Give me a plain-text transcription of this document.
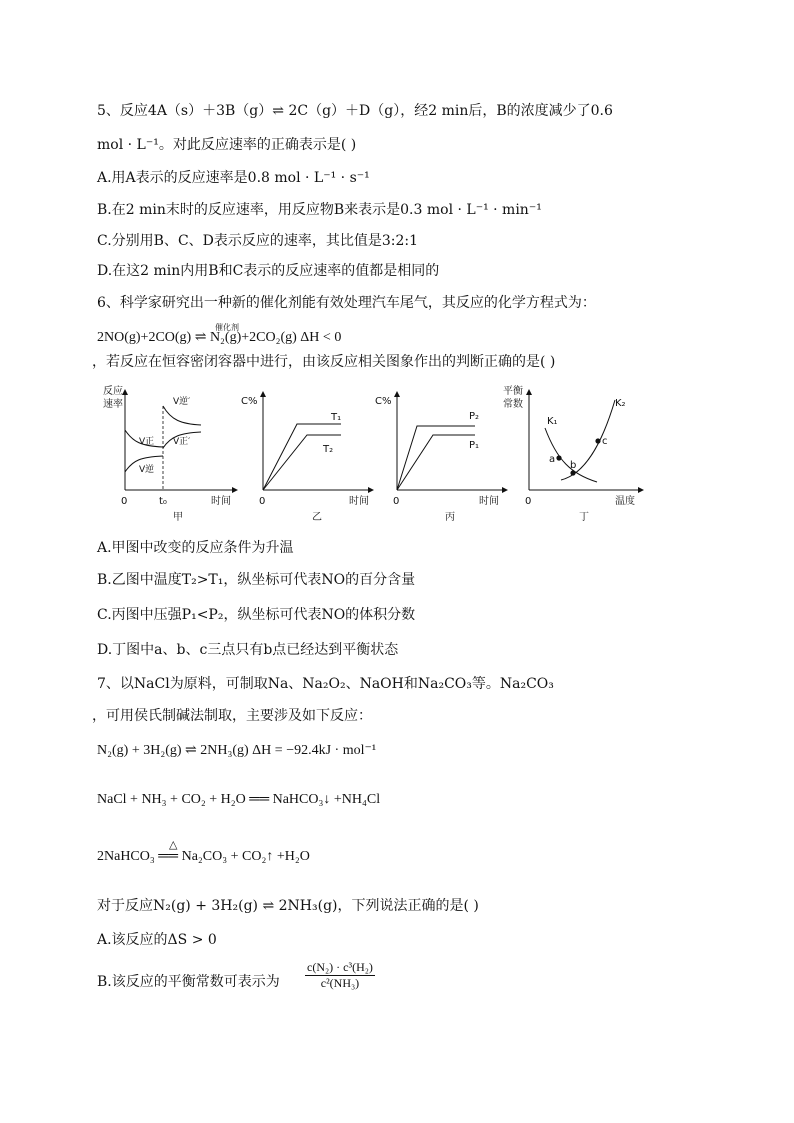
5、反应4A（s）＋3B（g）⇌ 2C（g）＋D（g），经2 min后，B的浓度减少了0.6
mol · L⁻¹。对此反应速率的正确表示是( )
A.用A表示的反应速率是0.8 mol · L⁻¹ · s⁻¹
B.在2 min末时的反应速率，用反应物B来表示是0.3 mol · L⁻¹ · min⁻¹
C.分别用B、C、D表示反应的速率，其比值是3:2:1
D.在这2 min内用B和C表示的反应速率的值都是相同的
6、科学家研究出一种新的催化剂能有效处理汽车尾气，其反应的化学方程式为：
2NO(g)+2CO(g) ⇌ N₂(g)+2CO₂(g) ΔH < 0
催化剂
，若反应在恒容密闭容器中进行，由该反应相关图象作出的判断正确的是( )
反应
速率
0	t₀	时间
甲
V逆′
V正′
V正
V逆
C%
0	时间
乙
T₁
T₂
C%
0	时间
丙
P₂
P₁
平衡
常数
0	温度
丁
K₁
K₂
a
b
c
A.甲图中改变的反应条件为升温
B.乙图中温度T₂>T₁，纵坐标可代表NO的百分含量
C.丙图中压强P₁<P₂，纵坐标可代表NO的体积分数
D.丁图中a、b、c三点只有b点已经达到平衡状态
7、以NaCl为原料，可制取Na、Na₂O₂、NaOH和Na₂CO₃等。Na₂CO₃
，可用侯氏制碱法制取，主要涉及如下反应：
N₂(g) + 3H₂(g) ⇌ 2NH₃(g) ΔH = −92.4kJ · mol⁻¹
NaCl + NH₃ + CO₂ + H₂O ══ NaHCO₃↓ +NH₄Cl
2NaHCO₃ ══ Na₂CO₃ + CO₂↑ +H₂O
△
对于反应N₂(g) + 3H₂(g) ⇌ 2NH₃(g)，下列说法正确的是( )
A.该反应的ΔS > 0
B.该反应的平衡常数可表示为 $\frac{\text{c(N₂) · c³(H₂)}}{\text{c²(NH₃)}}$
